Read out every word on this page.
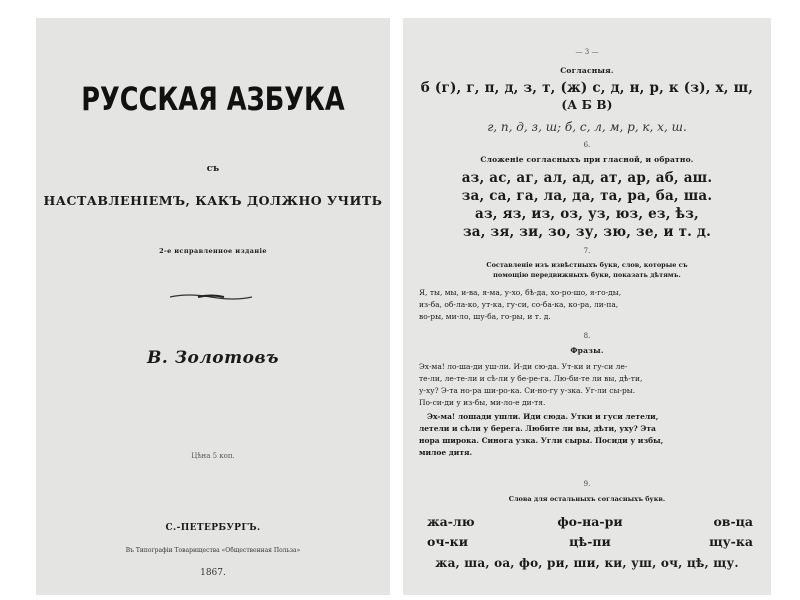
РУССКАЯ АЗБУКА
съ
НАСТАВЛЕНIЕМЪ, КАКЪ ДОЛЖНО УЧИТЬ
2-е исправленное изданiе
В. Золотовъ
Цѣна 5 коп.
С.-ПЕТЕРБУРГЪ.
Въ Типографiи Товарищества «Общественная Польза»
1867.
— 3 —
Согласныя.
б (г), г, п, д, з, т, (ж) с, д, н, р, к (з), х, ш,
(А Б В)
г, п, д, з, ш; б, с, л, м, р, к, х, ш.
6.
Сложенiе согласныхъ при гласной, и обратно.
аз, ас, аг, ал, ад, ат, ар, аб, аш.
за, са, га, ла, да, та, ра, ба, ша.
аз, яз, из, оз, уз, юз, ез, ѣз,
за, зя, зи, зо, зу, зю, зе, и т. д.
7.
Составленiе изъ извѣстныхъ букв, слов, которые съ
помощiю передвижныхъ букв, показать дѣтямъ.
Я, ты, мы, и-ва, я-ма, у-хо, бѣ-да, хо-ро-шо, я-го-ды,
из-ба, об-ла-ко, ут-ка, гу-си, со-ба-ка, ко-ра, ли-па,
во-ры, ми-ло, шу-ба, го-ры, и т. д.
8.
Фразы.
Эх-ма! ло-ша-ди уш-ли. И-ди сю-да. Ут-ки и гу-си ле-
те-ли, ле-те-ли и сѣ-ли у бе-ре-га. Лю-би-те ли вы, дѣ-ти,
у-ху? Э-та но-ра ши-ро-ка. Си-но-гу у-зка. Уг-ли сы-ры.
По-си-ди у из-бы, ми-ло-е ди-тя.
Эх-ма! лошади ушли. Иди сюда. Утки и гуси летели,
летели и сѣли у берега. Любите ли вы, дѣти, уху? Эта
нора широка. Синога узка. Угли сыры. Посиди у избы,
милое дитя.
9.
Слова для остальныхъ согласныхъ букв.
жа-лю	фо-на-ри	ов-ца
оч-ки	цѣ-пи	щу-ка
жа, ша, оа, фо, ри, ши, ки, уш, оч, цѣ, щу.
